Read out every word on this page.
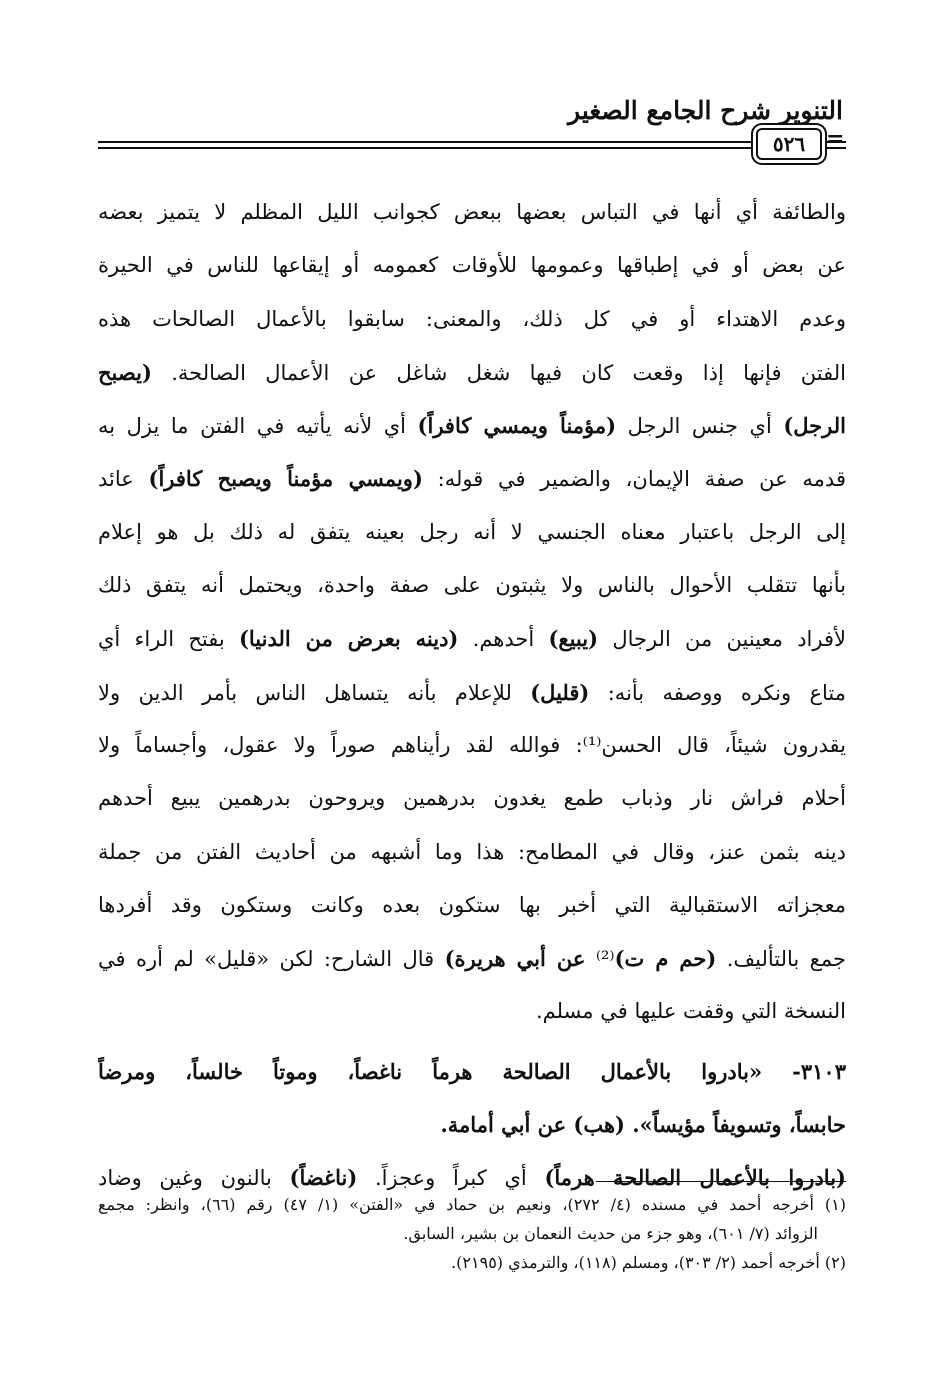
التنوير شرح الجامع الصغير
٥٢٦ =
والطائفة أي أنها في التباس بعضها ببعض كجوانب الليل المظلم لا يتميز بعضه
عن بعض أو في إطباقها وعمومها للأوقات كعمومه أو إيقاعها للناس في الحيرة
وعدم الاهتداء أو في كل ذلك، والمعنى: سابقوا بالأعمال الصالحات هذه
الفتن فإنها إذا وقعت كان فيها شغل شاغل عن الأعمال الصالحة. (يصبح
الرجل) أي جنس الرجل (مؤمناً ويمسي كافراً) أي لأنه يأتيه في الفتن ما يزل به
قدمه عن صفة الإيمان، والضمير في قوله: (ويمسي مؤمناً ويصبح كافراً) عائد
إلى الرجل باعتبار معناه الجنسي لا أنه رجل بعينه يتفق له ذلك بل هو إعلام
بأنها تتقلب الأحوال بالناس ولا يثبتون على صفة واحدة، ويحتمل أنه يتفق ذلك
لأفراد معينين من الرجال (يبيع) أحدهم. (دينه بعرض من الدنيا) بفتح الراء أي
متاع ونكره ووصفه بأنه: (قليل) للإعلام بأنه يتساهل الناس بأمر الدين ولا
يقدرون شيئاً، قال الحسن⁽¹⁾: فوالله لقد رأيناهم صوراً ولا عقول، وأجساماً ولا
أحلام فراش نار وذباب طمع يغدون بدرهمين ويروحون بدرهمين يبيع أحدهم
دينه بثمن عنز، وقال في المطامح: هذا وما أشبهه من أحاديث الفتن من جملة
معجزاته الاستقبالية التي أخبر بها ستكون بعده وكانت وستكون وقد أفردها
جمع بالتأليف. (حم م ت)⁽²⁾ عن أبي هريرة) قال الشارح: لكن «قليل» لم أره في
النسخة التي وقفت عليها في مسلم.
٣١٠٣- «بادروا بالأعمال الصالحة هرماً ناغصاً، وموتاً خالساً، ومرضاً
حابساً، وتسويفاً مؤيساً». (هب) عن أبي أمامة.
(بادروا بالأعمال الصالحة هرماً) أي كبراً وعجزاً. (ناغضاً) بالنون وغين وضاد
(١) أخرجه أحمد في مسنده (٤/ ٢٧٢)، ونعيم بن حماد في «الفتن» (١/ ٤٧) رقم (٦٦)، وانظر: مجمع
الزوائد (٧/ ٦٠١)، وهو جزء من حديث النعمان بن بشير، السابق.
(٢) أخرجه أحمد (٢/ ٣٠٣)، ومسلم (١١٨)، والترمذي (٢١٩٥).
